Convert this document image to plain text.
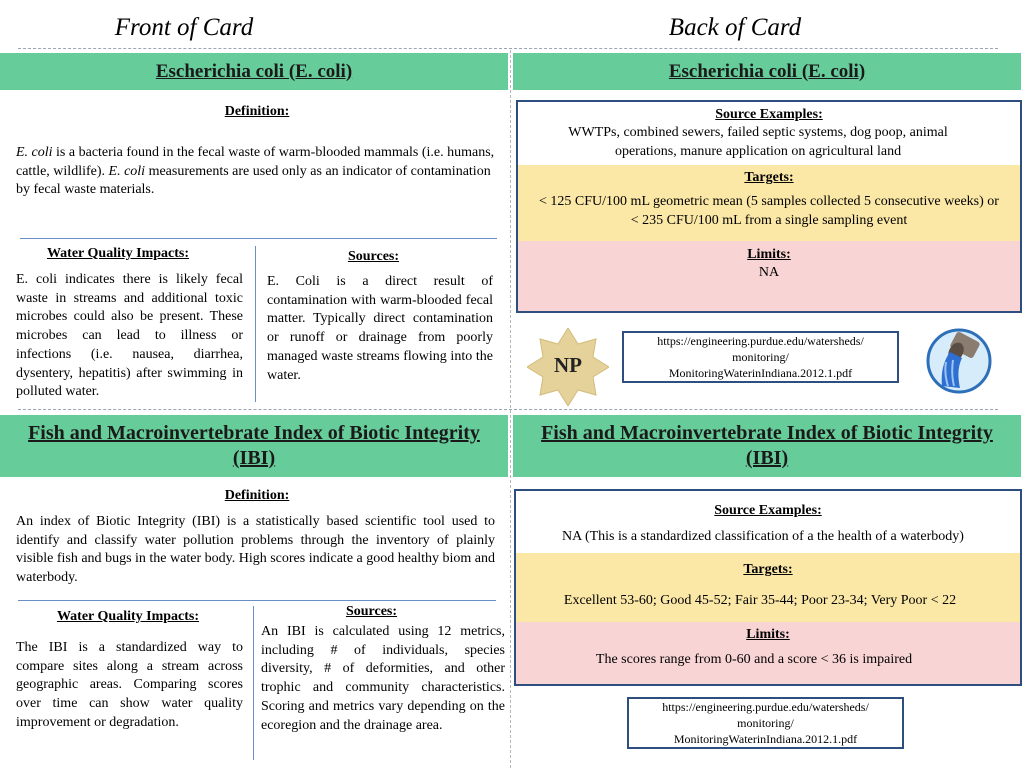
Front of Card	Back of Card
Escherichia coli (E. coli)
Definition:
E. coli is a bacteria found in the fecal waste of warm-blooded mammals (i.e. humans, cattle, wildlife). E. coli measurements are used only as an indicator of contamination by fecal waste materials.
Water Quality Impacts:
E. coli indicates there is likely fecal waste in streams and additional toxic microbes could also be present. These microbes can lead to illness or infections (i.e. nausea, diarrhea, dysentery, hepatitis) after swimming in polluted water.
Sources:
E. Coli is a direct result of contamination with warm-blooded fecal matter. Typically direct contamination or runoff or drainage from poorly managed waste streams flowing into the water.
Escherichia coli (E. coli)
Source Examples:
WWTPs, combined sewers, failed septic systems, dog poop, animal operations, manure application on agricultural land
Targets:
< 125 CFU/100 mL geometric mean (5 samples collected 5 consecutive weeks) or < 235 CFU/100 mL from a single sampling event
Limits:
NA
NP
https://engineering.purdue.edu/watersheds/
monitoring/
MonitoringWaterinIndiana.2012.1.pdf
Fish and Macroinvertebrate Index of Biotic Integrity (IBI)
Definition:
An index of Biotic Integrity (IBI) is a statistically based scientific tool used to identify and classify water pollution problems through the inventory of plainly visible fish and bugs in the water body. High scores indicate a good healthy biom and waterbody.
Water Quality Impacts:
The IBI is a standardized way to compare sites along a stream across geographic areas. Comparing scores over time can show water quality improvement or degradation.
Sources:
An IBI is calculated using 12 metrics, including # of individuals, species diversity, # of deformities, and other trophic and community characteristics. Scoring and metrics vary depending on the ecoregion and the drainage area.
Fish and Macroinvertebrate Index of Biotic Integrity (IBI)
Source Examples:
NA (This is a standardized classification of a the health of a waterbody)
Targets:
Excellent 53-60; Good 45-52; Fair 35-44; Poor 23-34; Very Poor < 22
Limits:
The scores range from 0-60 and a score < 36 is impaired
https://engineering.purdue.edu/watersheds/
monitoring/
MonitoringWaterinIndiana.2012.1.pdf
